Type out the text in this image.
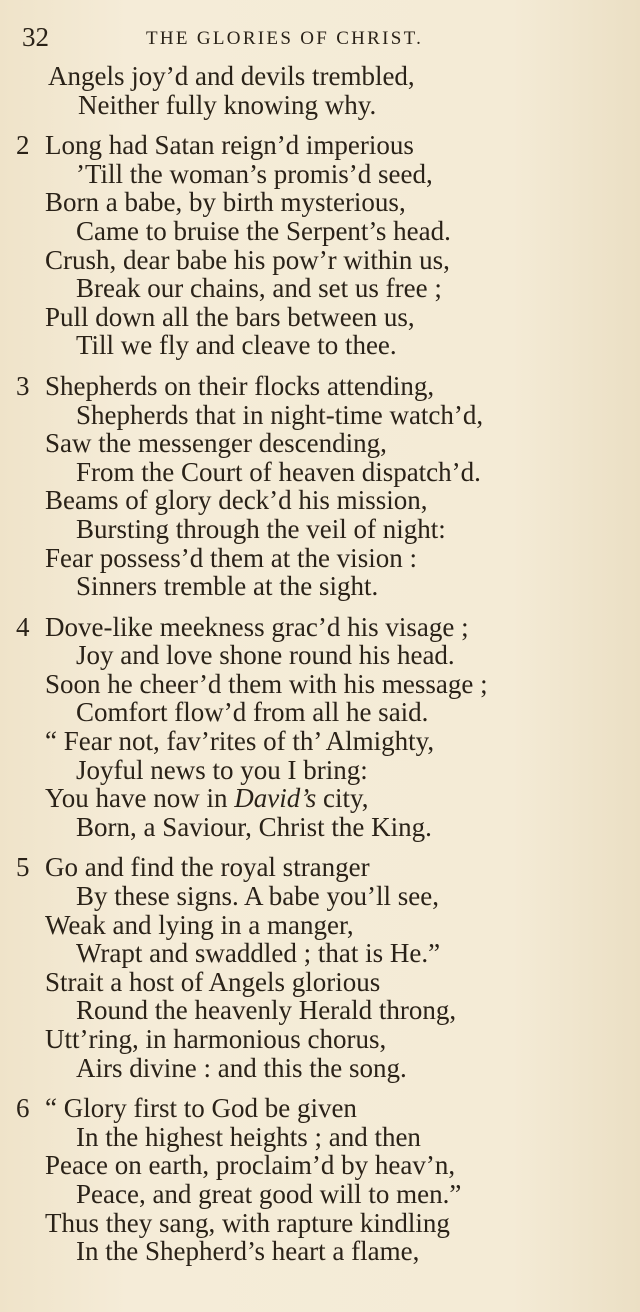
32	THE GLORIES OF CHRIST.
Angels joy’d and devils trembled,
Neither fully knowing why.
2 Long had Satan reign’d imperious
’Till the woman’s promis’d seed,
Born a babe, by birth mysterious,
Came to bruise the Serpent’s head.
Crush, dear babe his pow’r within us,
Break our chains, and set us free ;
Pull down all the bars between us,
Till we fly and cleave to thee.
3 Shepherds on their flocks attending,
Shepherds that in night-time watch’d,
Saw the messenger descending,
From the Court of heaven dispatch’d.
Beams of glory deck’d his mission,
Bursting through the veil of night:
Fear possess’d them at the vision :
Sinners tremble at the sight.
4 Dove-like meekness grac’d his visage ;
Joy and love shone round his head.
Soon he cheer’d them with his message ;
Comfort flow’d from all he said.
“ Fear not, fav’rites of th’ Almighty,
Joyful news to you I bring:
You have now in David’s city,
Born, a Saviour, Christ the King.
5 Go and find the royal stranger
By these signs. A babe you’ll see,
Weak and lying in a manger,
Wrapt and swaddled ; that is He.”
Strait a host of Angels glorious
Round the heavenly Herald throng,
Utt’ring, in harmonious chorus,
Airs divine : and this the song.
6 “ Glory first to God be given
In the highest heights ; and then
Peace on earth, proclaim’d by heav’n,
Peace, and great good will to men.”
Thus they sang, with rapture kindling
In the Shepherd’s heart a flame,
